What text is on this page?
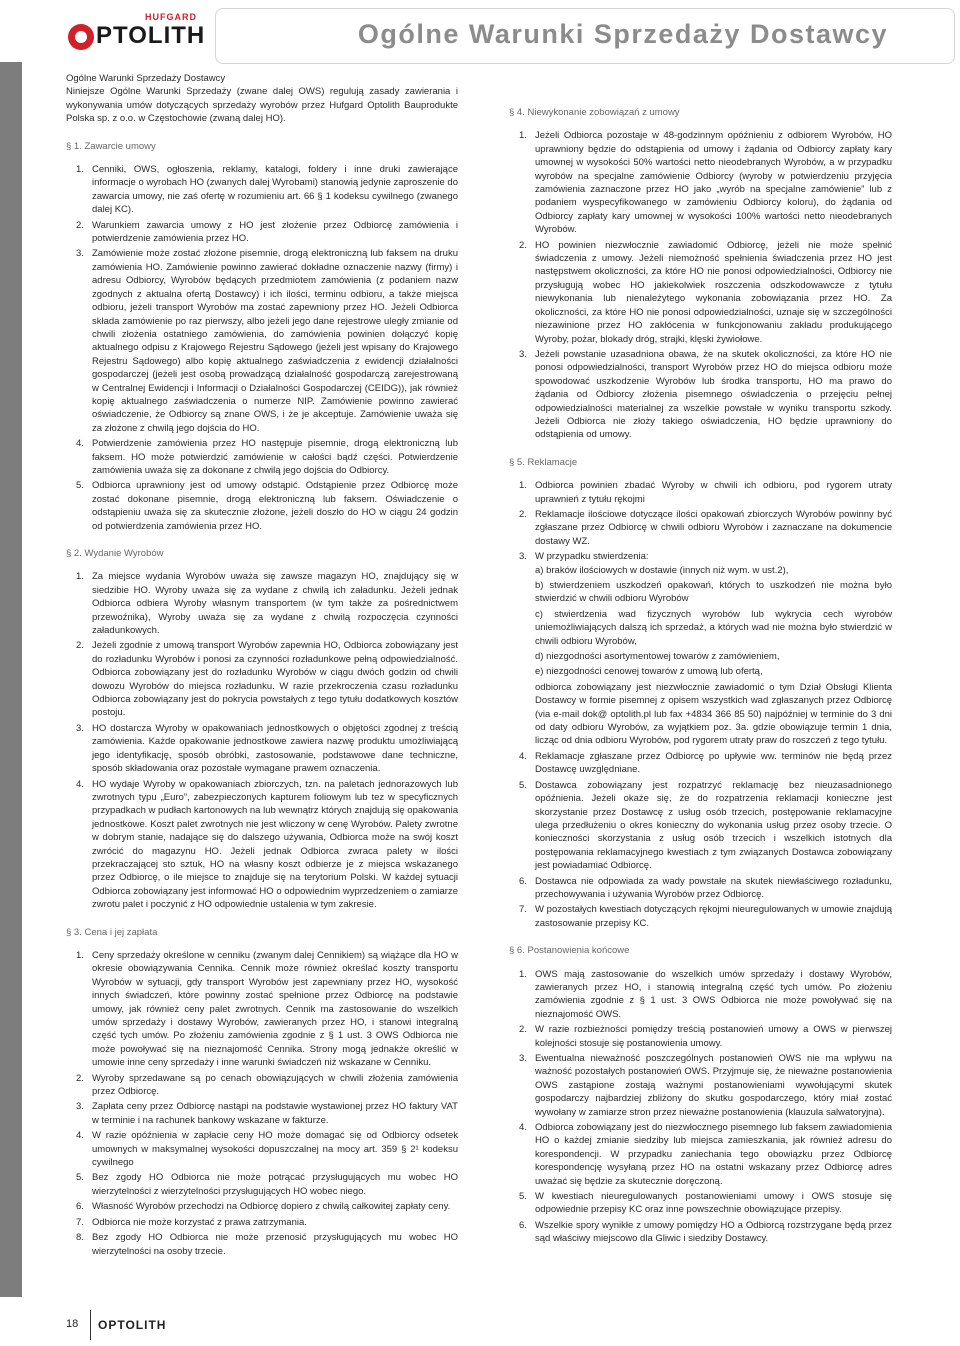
HUFGARD
PTOLITH	Ogólne Warunki Sprzedaży Dostawcy

Ogólne Warunki Sprzedaży Dostawcy

Niniejsze Ogólne Warunki Sprzedaży (zwane dalej OWS) regulują zasady zawierania i wykonywania umów dotyczących sprzedaży wyrobów przez Hufgard Optolith Bauprodukte Polska sp. z o.o. w Częstochowie (zwaną dalej HO).

§ 1. Zawarcie umowy
1. Cenniki, OWS, ogłoszenia, reklamy, katalogi, foldery i inne druki zawierające informacje o wyrobach HO (zwanych dalej Wyrobami) stanowią jedynie zaproszenie do zawarcia umowy, nie zaś ofertę w rozumieniu art. 66 § 1 kodeksu cywilnego (zwanego dalej KC).
2. Warunkiem zawarcia umowy z HO jest złożenie przez Odbiorcę zamówienia i potwierdzenie zamówienia przez HO.
3. Zamówienie może zostać złożone pisemnie, drogą elektroniczną lub faksem na druku zamówienia HO. Zamówienie powinno zawierać dokładne oznaczenie nazwy (firmy) i adresu Odbiorcy, Wyrobów będących przedmiotem zamówienia (z podaniem nazw zgodnych z aktualna ofertą Dostawcy) i ich ilości, terminu odbioru, a także miejsca odbioru, jeżeli transport Wyrobów ma zostać zapewniony przez HO. Jeżeli Odbiorca składa zamówienie po raz pierwszy, albo jeżeli jego dane rejestrowe uległy zmianie od chwili złożenia ostatniego zamówienia, do zamówienia powinien dołączyć kopię aktualnego odpisu z Krajowego Rejestru Sądowego (jeżeli jest wpisany do Krajowego Rejestru Sądowego) albo kopię aktualnego zaświadczenia z ewidencji działalności gospodarczej (jeżeli jest osobą prowadzącą działalność gospodarczą zarejestrowaną w Centralnej Ewidencji i Informacji o Działalności Gospodarczej (CEIDG)), jak również kopię aktualnego zaświadczenia o numerze NIP. Zamówienie powinno zawierać oświadczenie, że Odbiorcy są znane OWS, i że je akceptuje. Zamówienie uważa się za złożone z chwilą jego dojścia do HO.
4. Potwierdzenie zamówienia przez HO następuje pisemnie, drogą elektroniczną lub faksem. HO może potwierdzić zamówienie w całości bądź części. Potwierdzenie zamówienia uważa się za dokonane z chwilą jego dojścia do Odbiorcy.
5. Odbiorca uprawniony jest od umowy odstąpić. Odstąpienie przez Odbiorcę może zostać dokonane pisemnie, drogą elektroniczną lub faksem. Oświadczenie o odstąpieniu uważa się za skutecznie złożone, jeżeli doszło do HO w ciągu 24 godzin od potwierdzenia zamówienia przez HO.
§ 2. Wydanie Wyrobów
1. Za miejsce wydania Wyrobów uważa się zawsze magazyn HO, znajdujący się w siedzibie HO. Wyroby uważa się za wydane z chwilą ich załadunku. Jeżeli jednak Odbiorca odbiera Wyroby własnym transportem (w tym także za pośrednictwem przewoźnika), Wyroby uważa się za wydane z chwilą rozpoczęcia czynności załadunkowych.
2. Jeżeli zgodnie z umową transport Wyrobów zapewnia HO, Odbiorca zobowiązany jest do rozładunku Wyrobów i ponosi za czynności rozładunkowe pełną odpowiedzialność. Odbiorca zobowiązany jest do rozładunku Wyrobów w ciągu dwóch godzin od chwili dowozu Wyrobów do miejsca rozładunku. W razie przekroczenia czasu rozładunku Odbiorca zobowiązany jest do pokrycia powstałych z tego tytułu dodatkowych kosztów postoju.
3. HO dostarcza Wyroby w opakowaniach jednostkowych o objętości zgodnej z treścią zamówienia. Każde opakowanie jednostkowe zawiera nazwę produktu umożliwiającą jego identyfikację, sposób obróbki, zastosowanie, podstawowe dane techniczne, sposób składowania oraz pozostałe wymagane prawem oznaczenia.
4. HO wydaje Wyroby w opakowaniach zbiorczych, tzn. na paletach jednorazowych lub zwrotnych typu „Euro”, zabezpieczonych kapturem foliowym lub tez w specyficznych przypadkach w pudłach kartonowych na lub wewnątrz których znajdują się opakowania jednostkowe. Koszt palet zwrotnych nie jest wliczony w cenę Wyrobów. Palety zwrotne w dobrym stanie, nadające się do dalszego używania, Odbiorca może na swój koszt zwrócić do magazynu HO. Jeżeli jednak Odbiorca zwraca palety w ilości przekraczającej sto sztuk, HO na własny koszt odbierze je z miejsca wskazanego przez Odbiorcę, o ile miejsce to znajduje się na terytorium Polski. W każdej sytuacji Odbiorca zobowiązany jest informować HO o odpowiednim wyprzedzeniem o zamiarze zwrotu palet i poczynić z HO odpowiednie ustalenia w tym zakresie.
§ 3. Cena i jej zapłata
1. Ceny sprzedaży określone w cenniku (zwanym dalej Cennikiem) są wiążące dla HO w okresie obowiązywania Cennika. Cennik może również określać koszty transportu Wyrobów w sytuacji, gdy transport Wyrobów jest zapewniany przez HO, wysokość innych świadczeń, które powinny zostać spełnione przez Odbiorcę na podstawie umowy, jak również ceny palet zwrotnych. Cennik ma zastosowanie do wszelkich umów sprzedaży i dostawy Wyrobów, zawieranych przez HO, i stanowi integralną część tych umów. Po złożeniu zamówienia zgodnie z § 1 ust. 3 OWS Odbiorca nie może powoływać się na nieznajomość Cennika. Strony mogą jednakże określić w umowie inne ceny sprzedaży i inne warunki świadczeń niż wskazane w Cenniku.
2. Wyroby sprzedawane są po cenach obowiązujących w chwili złożenia zamówienia przez Odbiorcę.
3. Zapłata ceny przez Odbiorcę nastąpi na podstawie wystawionej przez HO faktury VAT w terminie i na rachunek bankowy wskazane w fakturze.
4. W razie opóźnienia w zapłacie ceny HO może domagać się od Odbiorcy odsetek umownych w maksymalnej wysokości dopuszczalnej na mocy art. 359 § 2¹ kodeksu cywilnego
5. Bez zgody HO Odbiorca nie może potrącać przysługujących mu wobec HO wierzytelności z wierzytelności przysługujących HO wobec niego.
6. Własność Wyrobów przechodzi na Odbiorcę dopiero z chwilą całkowitej zapłaty ceny.
7. Odbiorca nie może korzystać z prawa zatrzymania.
8. Bez zgody HO Odbiorca nie może przenosić przysługujących mu wobec HO wierzytelności na osoby trzecie.
§ 4. Niewykonanie zobowiązań z umowy
1. Jeżeli Odbiorca pozostaje w 48-godzinnym opóźnieniu z odbiorem Wyrobów, HO uprawniony będzie do odstąpienia od umowy i żądania od Odbiorcy zapłaty kary umownej w wysokości 50% wartości netto nieodebranych Wyrobów, a w przypadku wyrobów na specjalne zamówienie Odbiorcy (wyroby w potwierdzeniu przyjęcia zamówienia zaznaczone przez HO jako „wyrób na specjalne zamówienie” lub z podaniem wyspecyfikowanego w zamówieniu Odbiorcy koloru), do żądania od Odbiorcy zapłaty kary umownej w wysokości 100% wartości netto nieodebranych Wyrobów.
2. HO powinien niezwłocznie zawiadomić Odbiorcę, jeżeli nie może spełnić świadczenia z umowy. Jeżeli niemożność spełnienia świadczenia przez HO jest następstwem okoliczności, za które HO nie ponosi odpowiedzialności, Odbiorcy nie przysługują wobec HO jakiekolwiek roszczenia odszkodowawcze z tytułu niewykonania lub nienależytego wykonania zobowiązania przez HO. Za okoliczności, za które HO nie ponosi odpowiedzialności, uznaje się w szczególności niezawinione przez HO zakłócenia w funkcjonowaniu zakładu produkującego Wyroby, pożar, blokady dróg, strajki, klęski żywiołowe.
3. Jeżeli powstanie uzasadniona obawa, że na skutek okoliczności, za które HO nie ponosi odpowiedzialności, transport Wyrobów przez HO do miejsca odbioru może spowodować uszkodzenie Wyrobów lub środka transportu, HO ma prawo do żądania od Odbiorcy złożenia pisemnego oświadczenia o przejęciu pełnej odpowiedzialności materialnej za wszelkie powstałe w wyniku transportu szkody. Jeżeli Odbiorca nie złoży takiego oświadczenia, HO będzie uprawniony do odstąpienia od umowy.
§ 5. Reklamacje
1. Odbiorca powinien zbadać Wyroby w chwili ich odbioru, pod rygorem utraty uprawnień z tytułu rękojmi
2. Reklamacje ilościowe dotyczące ilości opakowań zbiorczych Wyrobów powinny być zgłaszane przez Odbiorcę w chwili odbioru Wyrobów i zaznaczane na dokumencie dostawy WZ.
3. W przypadku stwierdzenia:
a) braków ilościowych w dostawie (innych niż wym. w ust.2),
b) stwierdzeniem uszkodzeń opakowań, których to uszkodzeń nie można było stwierdzić w chwili odbioru Wyrobów
c) stwierdzenia wad fizycznych wyrobów lub wykrycia cech wyrobów uniemożliwiających dalszą ich sprzedaż, a których wad nie można było stwierdzić w chwili odbioru Wyrobów,
d) niezgodności asortymentowej towarów z zamówieniem,
e) niezgodności cenowej towarów z umową lub ofertą,
odbiorca zobowiązany jest niezwłocznie zawiadomić o tym Dział Obsługi Klienta Dostawcy w formie pisemnej z opisem wszystkich wad zgłaszanych przez Odbiorcę (via e-mail dok@ optolith.pl lub fax +4834 366 85 50) najpóźniej w terminie do 3 dni od daty odbioru Wyrobów, za wyjątkiem poz. 3a. gdzie obowiązuje termin 1 dnia, licząc od dnia odbioru Wyrobów, pod rygorem utraty praw do roszczeń z tego tytułu.
4. Reklamacje zgłaszane przez Odbiorcę po upływie ww. terminów nie będą przez Dostawcę uwzględniane.
5. Dostawca zobowiązany jest rozpatrzyć reklamację bez nieuzasadnionego opóźnienia. Jeżeli okaże się, że do rozpatrzenia reklamacji konieczne jest skorzystanie przez Dostawcę z usług osób trzecich, postępowanie reklamacyjne ulega przedłużeniu o okres konieczny do wykonania usług przez osoby trzecie. O konieczności skorzystania z usług osób trzecich i wszelkich istotnych dla postępowania reklamacyjnego kwestiach z tym związanych Dostawca zobowiązany jest powiadamiać Odbiorcę.
6. Dostawca nie odpowiada za wady powstałe na skutek niewłaściwego rozładunku, przechowywania i używania Wyrobów przez Odbiorcę.
7. W pozostałych kwestiach dotyczących rękojmi nieuregulowanych w umowie znajdują zastosowanie przepisy KC.
§ 6. Postanowienia końcowe
1. OWS mają zastosowanie do wszelkich umów sprzedaży i dostawy Wyrobów, zawieranych przez HO, i stanowią integralną część tych umów. Po złożeniu zamówienia zgodnie z § 1 ust. 3 OWS Odbiorca nie może powoływać się na nieznajomość OWS.
2. W razie rozbieżności pomiędzy treścią postanowień umowy a OWS w pierwszej kolejności stosuje się postanowienia umowy.
3. Ewentualna nieważność poszczególnych postanowień OWS nie ma wpływu na ważność pozostałych postanowień OWS. Przyjmuje się, że nieważne postanowienia OWS zastąpione zostają ważnymi postanowieniami wywołującymi skutek gospodarczy najbardziej zbliżony do skutku gospodarczego, który miał zostać wywołany w zamiarze stron przez nieważne postanowienia (klauzula salwatoryjna).
4. Odbiorca zobowiązany jest do niezwłocznego pisemnego lub faksem zawiadomienia HO o każdej zmianie siedziby lub miejsca zamieszkania, jak również adresu do korespondencji. W przypadku zaniechania tego obowiązku przez Odbiorcę korespondencję wysyłaną przez HO na ostatni wskazany przez Odbiorcę adres uważać się będzie za skutecznie doręczoną.
5. W kwestiach nieuregulowanych postanowieniami umowy i OWS stosuje się odpowiednie przepisy KC oraz inne powszechnie obowiązujące przepisy.
6. Wszelkie spory wynikłe z umowy pomiędzy HO a Odbiorcą rozstrzygane będą przez sąd właściwy miejscowo dla Gliwic i siedziby Dostawcy.
18 OPTOLITH
